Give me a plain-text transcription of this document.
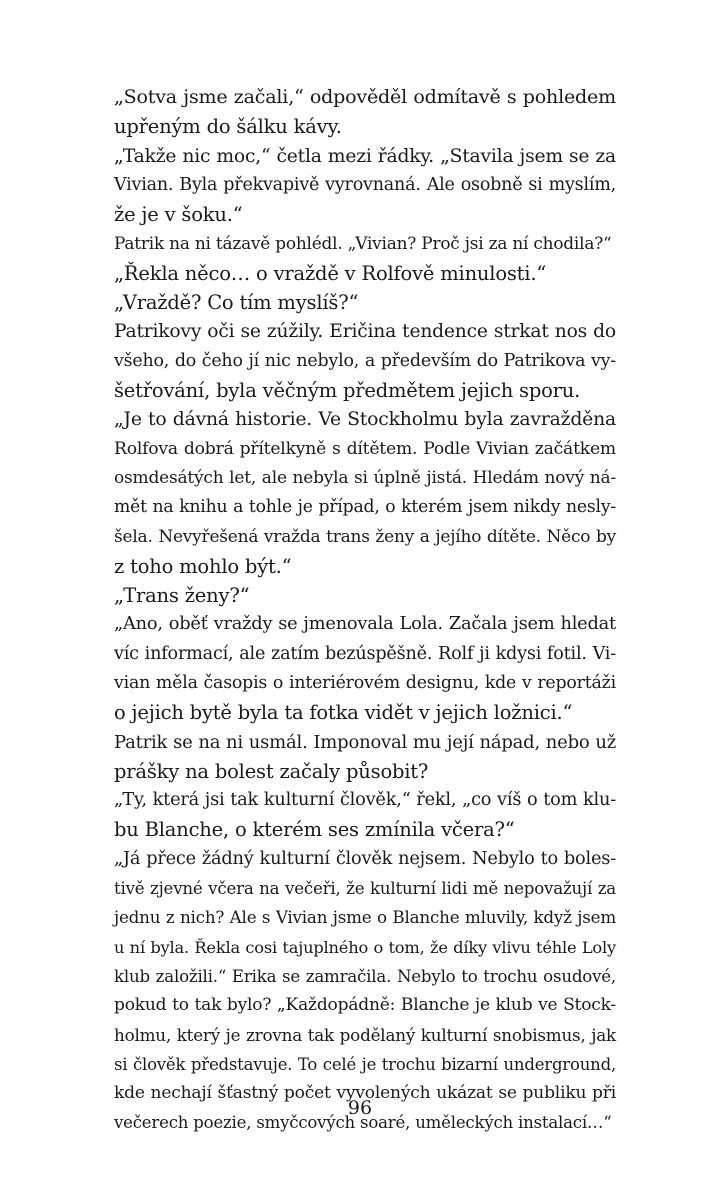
„Sotva jsme začali,“ odpověděl odmítavě s pohledem
upřeným do šálku kávy.
„Takže nic moc,“ četla mezi řádky. „Stavila jsem se za
Vivian. Byla překvapivě vyrovnaná. Ale osobně si myslím,
že je v šoku.“
Patrik na ni tázavě pohlédl. „Vivian? Proč jsi za ní chodila?“
„Řekla něco… o vraždě v Rolfově minulosti.“
„Vraždě? Co tím myslíš?“
Patrikovy oči se zúžily. Eričina tendence strkat nos do
všeho, do čeho jí nic nebylo, a především do Patrikova vy-
šetřování, byla věčným předmětem jejich sporu.
„Je to dávná historie. Ve Stockholmu byla zavražděna
Rolfova dobrá přítelkyně s dítětem. Podle Vivian začátkem
osmdesátých let, ale nebyla si úplně jistá. Hledám nový ná-
mět na knihu a tohle je případ, o kterém jsem nikdy nesly-
šela. Nevyřešená vražda trans ženy a jejího dítěte. Něco by
z toho mohlo být.“
„Trans ženy?“
„Ano, oběť vraždy se jmenovala Lola. Začala jsem hledat
víc informací, ale zatím bezúspěšně. Rolf ji kdysi fotil. Vi-
vian měla časopis o interiérovém designu, kde v reportáži
o jejich bytě byla ta fotka vidět v jejich ložnici.“
Patrik se na ni usmál. Imponoval mu její nápad, nebo už
prášky na bolest začaly působit?
„Ty, která jsi tak kulturní člověk,“ řekl, „co víš o tom klu-
bu Blanche, o kterém ses zmínila včera?“
„Já přece žádný kulturní člověk nejsem. Nebylo to boles-
tivě zjevné včera na večeři, že kulturní lidi mě nepovažují za
jednu z nich? Ale s Vivian jsme o Blanche mluvily, když jsem
u ní byla. Řekla cosi tajuplného o tom, že díky vlivu téhle Loly
klub založili.“ Erika se zamračila. Nebylo to trochu osudové,
pokud to tak bylo? „Každopádně: Blanche je klub ve Stock-
holmu, který je zrovna tak podělaný kulturní snobismus, jak
si člověk představuje. To celé je trochu bizarní underground,
kde nechají šťastný počet vyvolených ukázat se publiku při
večerech poezie, smyčcových soaré, uměleckých instalací…“
96
